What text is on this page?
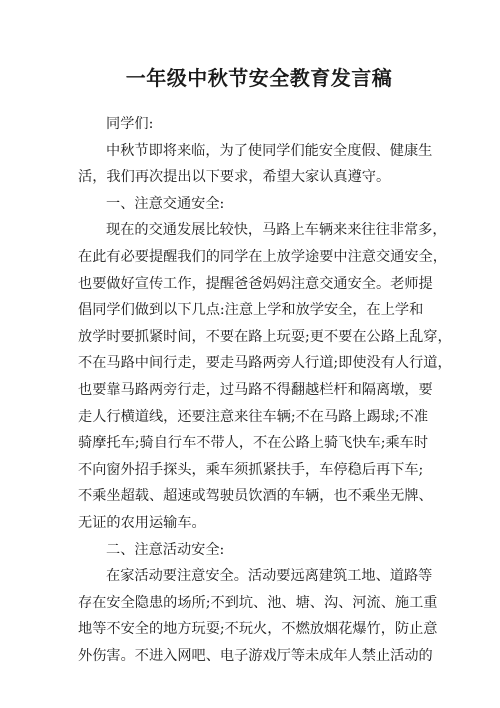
一年级中秋节安全教育发言稿

同学们:

中秋节即将来临，为了使同学们能安全度假、健康生

活，我们再次提出以下要求，希望大家认真遵守。

一、注意交通安全:

现在的交通发展比较快，马路上车辆来来往往非常多，

在此有必要提醒我们的同学在上放学途要中注意交通安全，

也要做好宣传工作，提醒爸爸妈妈注意交通安全。老师提

倡同学们做到以下几点:注意上学和放学安全，在上学和

放学时要抓紧时间，不要在路上玩耍;更不要在公路上乱穿，

不在马路中间行走，要走马路两旁人行道;即使没有人行道，

也要靠马路两旁行走，过马路不得翻越栏杆和隔离墩，要

走人行横道线，还要注意来往车辆;不在马路上踢球;不准

骑摩托车;骑自行车不带人，不在公路上骑飞快车;乘车时

不向窗外招手探头，乘车须抓紧扶手，车停稳后再下车;

不乘坐超载、超速或驾驶员饮酒的车辆，也不乘坐无牌、

无证的农用运输车。

二、注意活动安全:

在家活动要注意安全。活动要远离建筑工地、道路等

存在安全隐患的场所;不到坑、池、塘、沟、河流、施工重

地等不安全的地方玩耍;不玩火，不燃放烟花爆竹，防止意

外伤害。不进入网吧、电子游戏厅等未成年人禁止活动的
